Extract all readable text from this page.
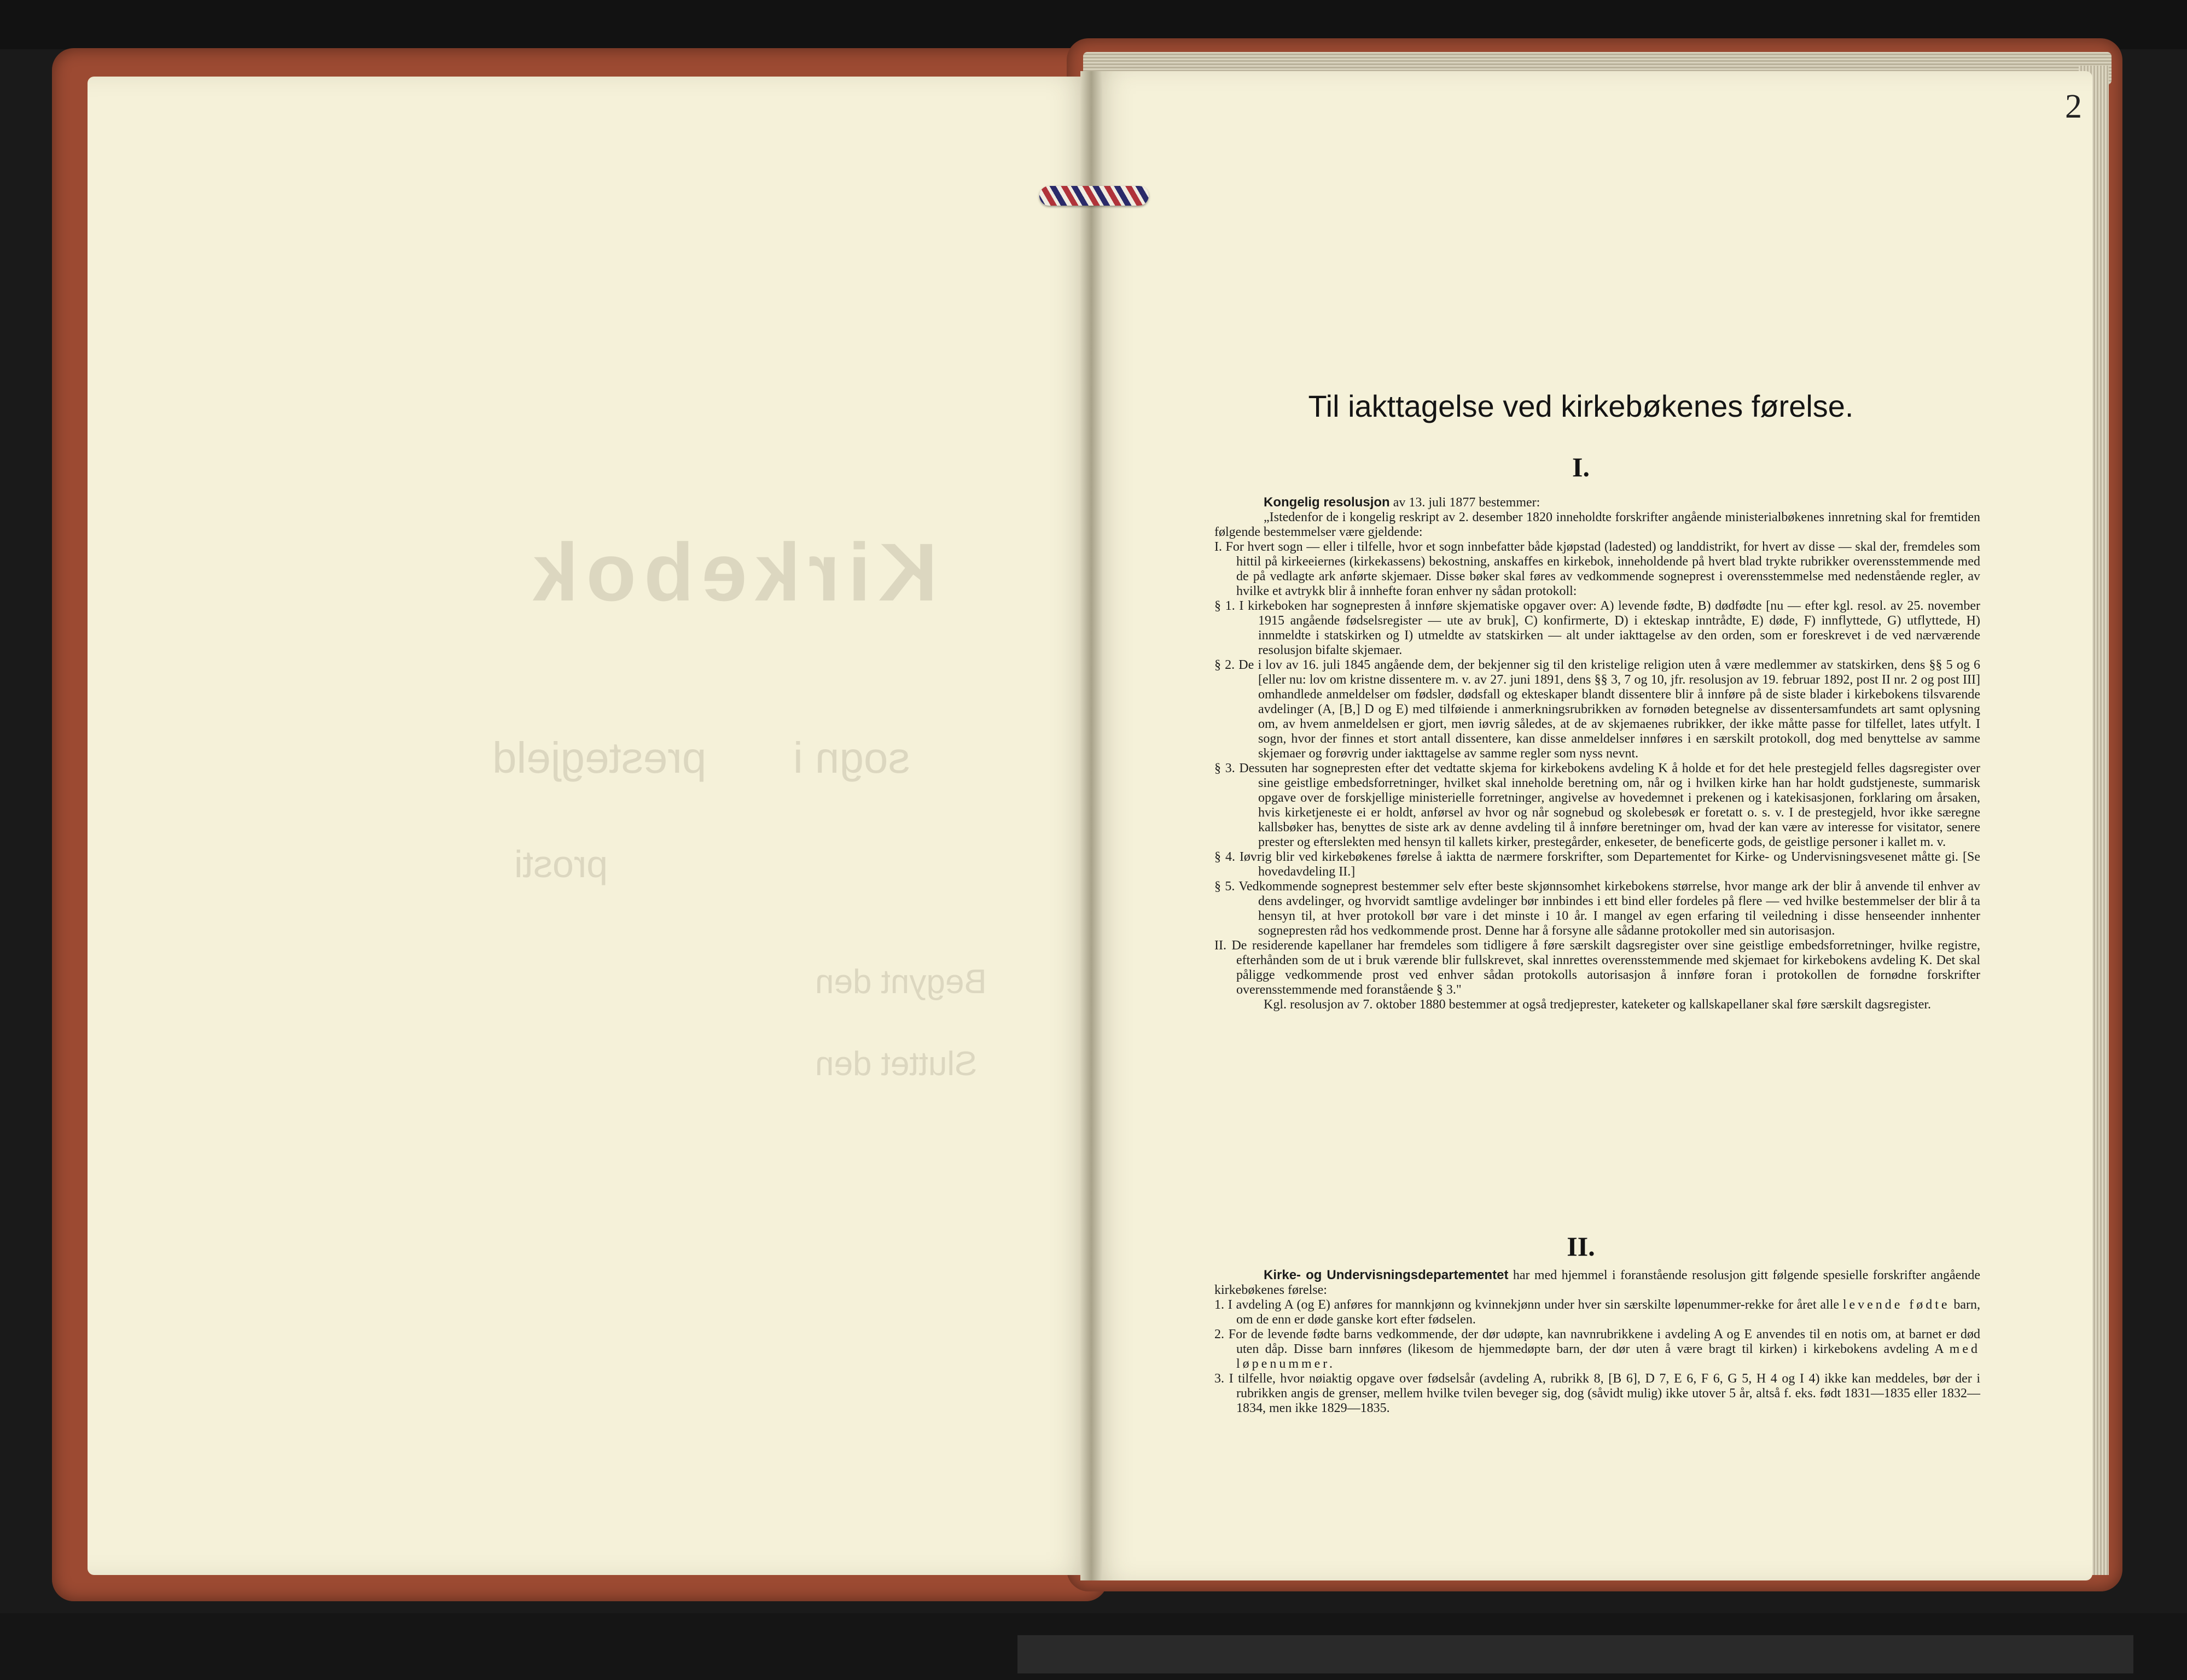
Kirkebok
sogn i
prestegjeld
prosti
Begynt den
Sluttet den
2
Til iakttagelse ved kirkebøkenes førelse.
I.

Kongelig resolusjon av 13. juli 1877 bestemmer:

„Istedenfor de i kongelig reskript av 2. desember 1820 inneholdte forskrifter angående ministerialbøkenes innretning skal for fremtiden følgende bestemmelser være gjeldende:

I. For hvert sogn — eller i tilfelle, hvor et sogn innbefatter både kjøpstad (ladested) og landdistrikt, for hvert av disse — skal der, fremdeles som hittil på kirkeeiernes (kirkekassens) bekostning, anskaffes en kirkebok, inneholdende på hvert blad trykte rubrikker overensstemmende med de på vedlagte ark anførte skjemaer. Disse bøker skal føres av vedkommende sogneprest i overensstemmelse med nedenstående regler, av hvilke et avtrykk blir å innhefte foran enhver ny sådan protokoll:

§ 1. I kirkeboken har sognepresten å innføre skjematiske opgaver over: A) levende fødte, B) dødfødte [nu — efter kgl. resol. av 25. november 1915 angående fødselsregister — ute av bruk], C) konfirmerte, D) i ekteskap inntrådte, E) døde, F) innflyttede, G) utflyttede, H) innmeldte i statskirken og I) utmeldte av statskirken — alt under iakttagelse av den orden, som er foreskrevet i de ved nærværende resolusjon bifalte skjemaer.

§ 2. De i lov av 16. juli 1845 angående dem, der bekjenner sig til den kristelige religion uten å være medlemmer av statskirken, dens §§ 5 og 6 [eller nu: lov om kristne dissentere m. v. av 27. juni 1891, dens §§ 3, 7 og 10, jfr. resolusjon av 19. februar 1892, post II nr. 2 og post III] omhandlede anmeldelser om fødsler, dødsfall og ekteskaper blandt dissentere blir å innføre på de siste blader i kirkebokens tilsvarende avdelinger (A, [B,] D og E) med tilføiende i anmerkningsrubrikken av fornøden betegnelse av dissentersamfundets art samt oplysning om, av hvem anmeldelsen er gjort, men iøvrig således, at de av skjemaenes rubrikker, der ikke måtte passe for tilfellet, lates utfylt. I sogn, hvor der finnes et stort antall dissentere, kan disse anmeldelser innføres i en særskilt protokoll, dog med benyttelse av samme skjemaer og forøvrig under iakttagelse av samme regler som nyss nevnt.

§ 3. Dessuten har sognepresten efter det vedtatte skjema for kirkebokens avdeling K å holde et for det hele prestegjeld felles dagsregister over sine geistlige embedsforretninger, hvilket skal inneholde beretning om, når og i hvilken kirke han har holdt gudstjeneste, summarisk opgave over de forskjellige ministerielle forretninger, angivelse av hovedemnet i prekenen og i katekisasjonen, forklaring om årsaken, hvis kirketjeneste ei er holdt, anførsel av hvor og når sognebud og skolebesøk er foretatt o. s. v. I de prestegjeld, hvor ikke særegne kallsbøker has, benyttes de siste ark av denne avdeling til å innføre beretninger om, hvad der kan være av interesse for visitator, senere prester og efterslekten med hensyn til kallets kirker, prestegårder, enkeseter, de beneficerte gods, de geistlige personer i kallet m. v.

§ 4. Iøvrig blir ved kirkebøkenes førelse å iaktta de nærmere forskrifter, som Departementet for Kirke- og Undervisningsvesenet måtte gi. [Se hovedavdeling II.]

§ 5. Vedkommende sogneprest bestemmer selv efter beste skjønnsomhet kirkebokens størrelse, hvor mange ark der blir å anvende til enhver av dens avdelinger, og hvorvidt samtlige avdelinger bør innbindes i ett bind eller fordeles på flere — ved hvilke bestemmelser der blir å ta hensyn til, at hver protokoll bør vare i det minste i 10 år. I mangel av egen erfaring til veiledning i disse henseender innhenter sognepresten råd hos vedkommende prost. Denne har å forsyne alle sådanne protokoller med sin autorisasjon.

II. De residerende kapellaner har fremdeles som tidligere å føre særskilt dagsregister over sine geistlige embedsforretninger, hvilke registre, efterhånden som de ut i bruk værende blir fullskrevet, skal innrettes overensstemmende med skjemaet for kirkebokens avdeling K. Det skal påligge vedkommende prost ved enhver sådan protokolls autorisasjon å innføre foran i protokollen de fornødne forskrifter overensstemmende med foranstående § 3."

Kgl. resolusjon av 7. oktober 1880 bestemmer at også tredjeprester, kateketer og kallskapellaner skal føre særskilt dagsregister.

II.

Kirke- og Undervisningsdepartementet har med hjemmel i foranstående resolusjon gitt følgende spesielle forskrifter angående kirkebøkenes førelse:

1. I avdeling A (og E) anføres for mannkjønn og kvinnekjønn under hver sin særskilte løpenummer-rekke for året alle levende fødte barn, om de enn er døde ganske kort efter fødselen.

2. For de levende fødte barns vedkommende, der dør udøpte, kan navnrubrikkene i avdeling A og E anvendes til en notis om, at barnet er død uten dåp. Disse barn innføres (likesom de hjemmedøpte barn, der dør uten å være bragt til kirken) i kirkebokens avdeling A med løpenummer.

3. I tilfelle, hvor nøiaktig opgave over fødselsår (avdeling A, rubrikk 8, [B 6], D 7, E 6, F 6, G 5, H 4 og I 4) ikke kan meddeles, bør der i rubrikken angis de grenser, mellem hvilke tvilen beveger sig, dog (såvidt mulig) ikke utover 5 år, altså f. eks. født 1831—1835 eller 1832—1834, men ikke 1829—1835.
